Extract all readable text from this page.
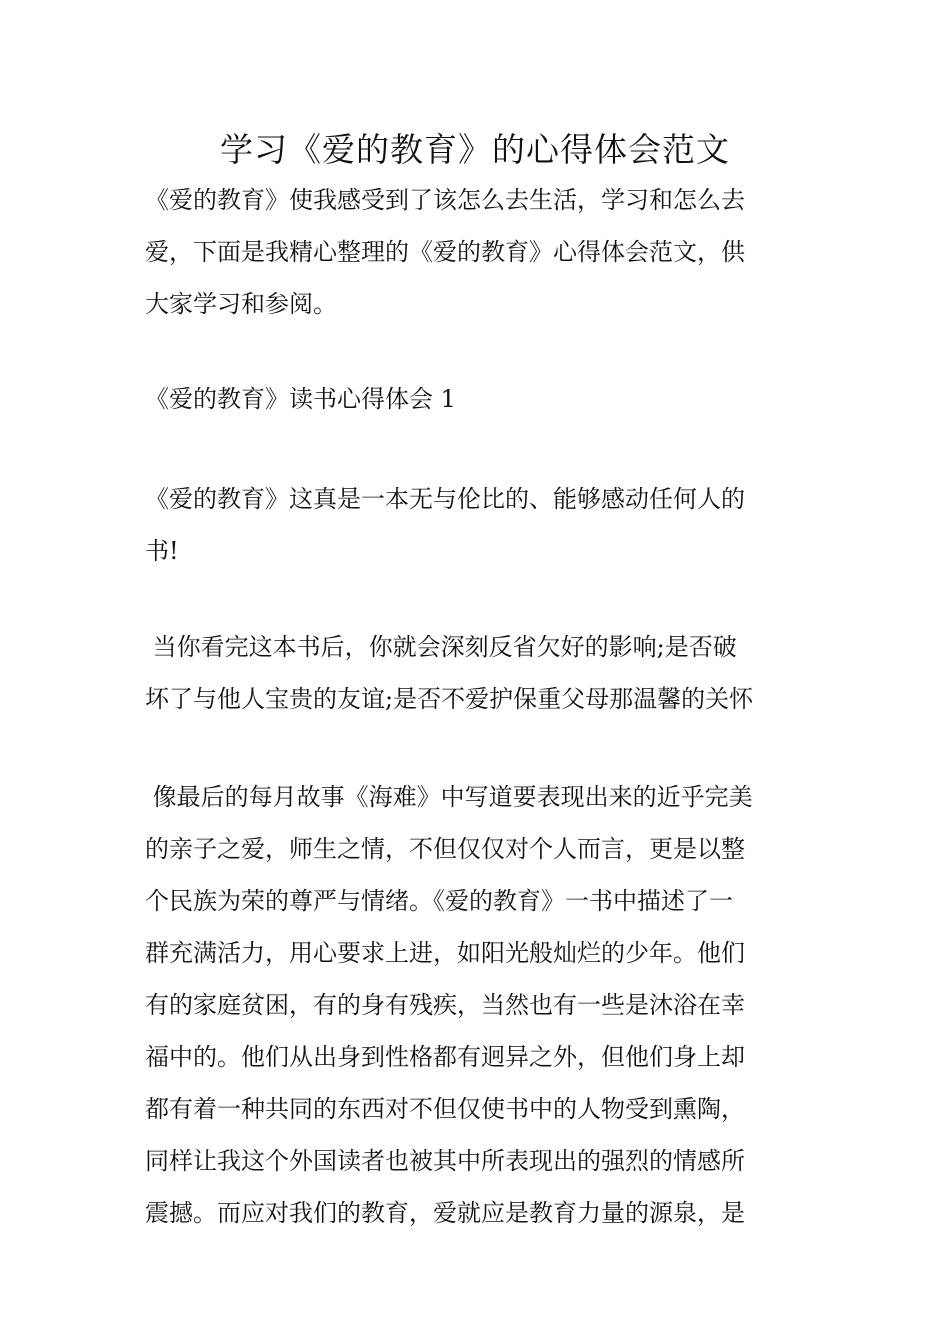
学习《爱的教育》的心得体会范文
《爱的教育》使我感受到了该怎么去生活，学习和怎么去
爱，下面是我精心整理的《爱的教育》心得体会范文，供
大家学习和参阅。
《爱的教育》读书心得体会 1
《爱的教育》这真是一本无与伦比的、能够感动任何人的
书!
当你看完这本书后，你就会深刻反省欠好的影响;是否破
坏了与他人宝贵的友谊;是否不爱护保重父母那温馨的关怀
像最后的每月故事《海难》中写道要表现出来的近乎完美
的亲子之爱，师生之情，不但仅仅对个人而言，更是以整
个民族为荣的尊严与情绪。《爱的教育》一书中描述了一
群充满活力，用心要求上进，如阳光般灿烂的少年。他们
有的家庭贫困，有的身有残疾，当然也有一些是沐浴在幸
福中的。他们从出身到性格都有迥异之外，但他们身上却
都有着一种共同的东西对不但仅使书中的人物受到熏陶，
同样让我这个外国读者也被其中所表现出的强烈的情感所
震撼。而应对我们的教育，爱就应是教育力量的源泉，是
